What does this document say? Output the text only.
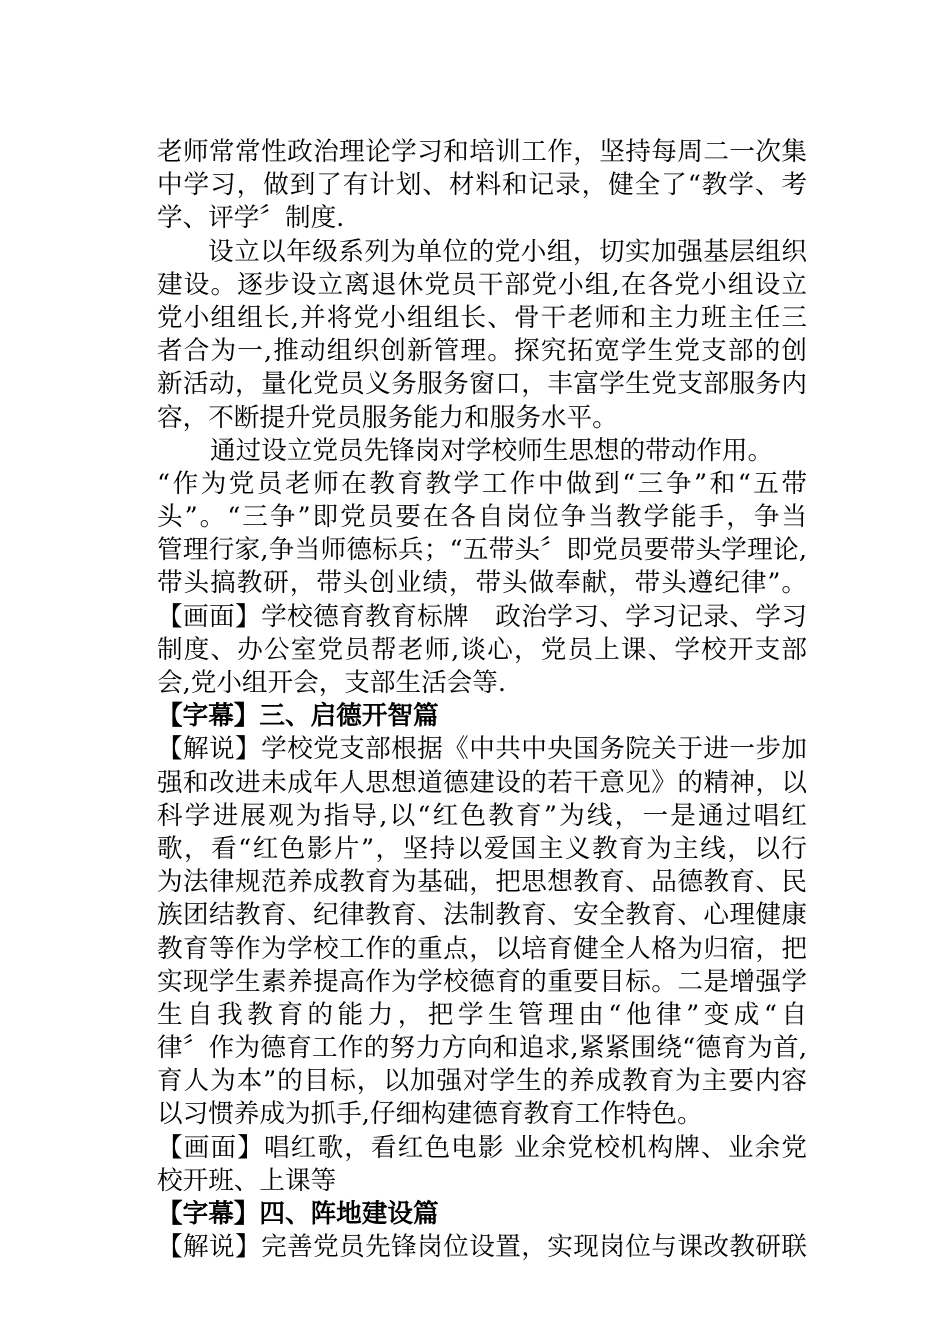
老师常常性政治理论学习和培训工作，坚持每周二一次集
中学习，做到了有计划、材料和记录，健全了“教学、考
学、评学〞制度.
设立以年级系列为单位的党小组，切实加强基层组织
建设。逐步设立离退休党员干部党小组,在各党小组设立
党小组组长,并将党小组组长、骨干老师和主力班主任三
者合为一,推动组织创新管理。探究拓宽学生党支部的创
新活动，量化党员义务服务窗口，丰富学生党支部服务内
容，不断提升党员服务能力和服务水平。
通过设立党员先锋岗对学校师生思想的带动作用。
“作为党员老师在教育教学工作中做到“三争”和“五带
头”。“三争”即党员要在各自岗位争当教学能手，争当
管理行家,争当师德标兵；“五带头〞即党员要带头学理论,
带头搞教研，带头创业绩，带头做奉献，带头遵纪律”。
【画面】学校德育教育标牌　政治学习、学习记录、学习
制度、办公室党员帮老师,谈心，党员上课、学校开支部
会,党小组开会，支部生活会等.
【字幕】三、启德开智篇
【解说】学校党支部根据《中共中央国务院关于进一步加
强和改进未成年人思想道德建设的若干意见》的精神，以
科学进展观为指导,以“红色教育”为线，一是通过唱红
歌，看“红色影片”，坚持以爱国主义教育为主线，以行
为法律规范养成教育为基础，把思想教育、品德教育、民
族团结教育、纪律教育、法制教育、安全教育、心理健康
教育等作为学校工作的重点，以培育健全人格为归宿，把
实现学生素养提高作为学校德育的重要目标。二是增强学
生自我教育的能力，把学生管理由“他律”变成“自
律〞作为德育工作的努力方向和追求,紧紧围绕“德育为首,
育人为本”的目标，以加强对学生的养成教育为主要内容
以习惯养成为抓手,仔细构建德育教育工作特色。
【画面】唱红歌，看红色电影 业余党校机构牌、业余党
校开班、上课等
【字幕】四、阵地建设篇
【解说】完善党员先锋岗位设置，实现岗位与课改教研联
